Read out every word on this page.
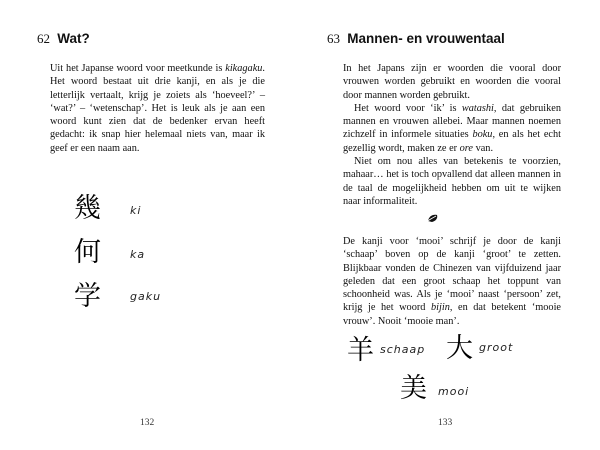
62 Wat?

Uit het Japanse woord voor meetkunde is kikagaku. Het woord bestaat uit drie kanji, en als je die letterlijk vertaalt, krijg je zoiets als ‘hoeveel?’ – ‘wat?’ – ‘wetenschap’. Het is leuk als je aan een woord kunt zien dat de bedenker ervan heeft gedacht: ik snap hier helemaal niets van, maar ik geef er een naam aan.

幾	ki
何	ka
学	gaku
132
63 Mannen- en vrouwentaal

In het Japans zijn er woorden die vooral door vrouwen worden gebruikt en woorden die vooral door mannen worden gebruikt.

Het woord voor ‘ik’ is watashi, dat gebruiken mannen en vrouwen allebei. Maar mannen noemen zichzelf in informele situaties boku, en als het echt gezellig wordt, maken ze er ore van.

Niet om nou alles van betekenis te voorzien, mahaar… het is toch opvallend dat alleen mannen in de taal de mogelijkheid hebben om uit te wijken naar informaliteit.

De kanji voor ‘mooi’ schrijf je door de kanji ‘schaap’ boven op de kanji ‘groot’ te zetten. Blijkbaar vonden de Chinezen van vijfduizend jaar geleden dat een groot schaap het toppunt van schoonheid was. Als je ‘mooi’ naast ‘persoon’ zet, krijg je het woord bijin, en dat betekent ‘mooie vrouw’. Nooit ‘mooie man’.

羊 schaap 大 groot
美 mooi
133
